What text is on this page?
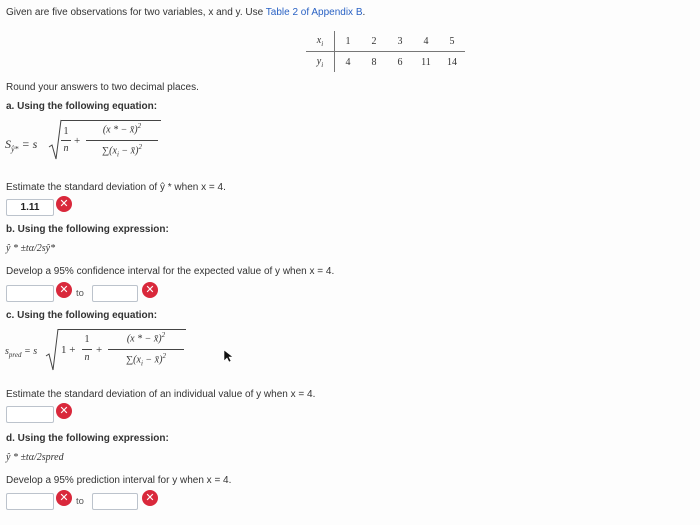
Given are five observations for two variables, x and y. Use Table 2 of Appendix B.
$x_i$	1	2	3	4	5
$y_i$	4	8	6	11	14
Round your answers to two decimal places.
a. Using the following equation:
$S_{ŷ*} = s$
1
n
+
(x * − x̄)$^2$
$\sum(x_i$ − x̄)$^2$
Estimate the standard deviation of ŷ * when x = 4.
1.11	✕
b. Using the following expression:
ŷ * ±tα/2sŷ*
Develop a 95% confidence interval for the expected value of y when x = 4.
✕ to	✕
c. Using the following equation:
$s_{pred} = s$ 1 +
1
n
+
(x * − x̄)$^2$
$\sum(x_i$ − x̄)$^2$
Estimate the standard deviation of an individual value of y when x = 4.
✕
d. Using the following expression:
ŷ * ±tα/2spred
Develop a 95% prediction interval for y when x = 4.
✕ to	✕
